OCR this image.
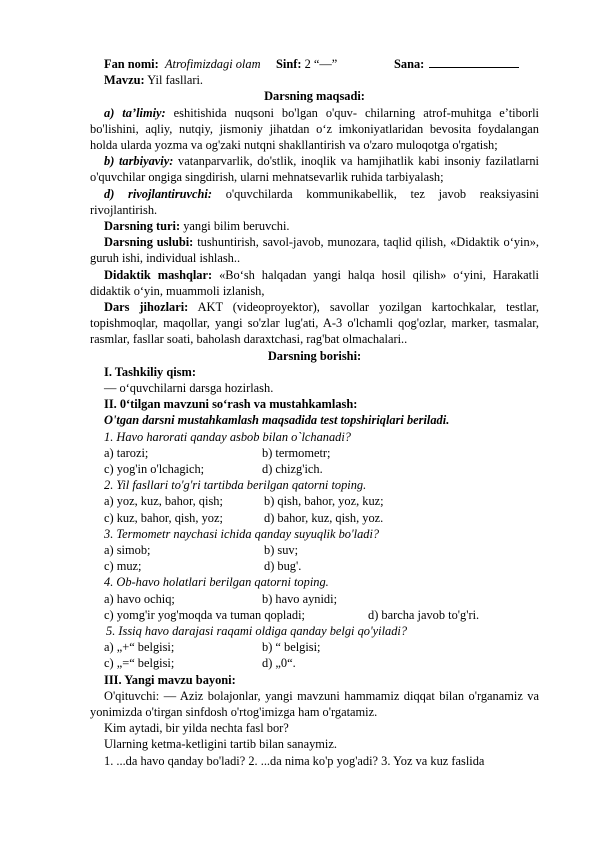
Fan nomi: Atrofimizdagi olam Sinf: 2 “—”	Sana:

Mavzu: Yil fasllari.

Darsning maqsadi:

a) ta’limiy: eshitishida nuqsoni bo'lgan o'quv- chilarning atrof-muhitga e’tiborli bo'lishini, aqliy, nutqiy, jismoniy jihatdan o‘z imkoniyatlaridan bevosita foydalangan holda ularda yozma va og'zaki nutqni shakllantirish va o'zaro muloqotga o'rgatish;

b) tarbiyaviy: vatanparvarlik, do'stlik, inoqlik va hamjihatlik kabi insoniy fazilatlarni o'quvchilar ongiga singdirish, ularni mehnatsevarlik ruhida tarbiyalash;

d) rivojlantiruvchi: o'quvchilarda kommunikabellik, tez javob reaksiyasini rivojlantirish.

Darsning turi: yangi bilim beruvchi.

Darsning uslubi: tushuntirish, savol-javob, munozara, taqlid qilish, «Didaktik o‘yin», guruh ishi, individual ishlash..

Didaktik mashqlar: «Bo‘sh halqadan yangi halqa hosil qilish» o‘yini, Harakatli didaktik o‘yin, muammoli izlanish,

Dars jihozlari: AKT (videoproyektor), savollar yozilgan kartochkalar, testlar, topishmoqlar, maqollar, yangi so'zlar lug'ati, A-3 o'lchamli qog'ozlar, marker, tasmalar, rasmlar, fasllar soati, baholash daraxtchasi, rag'bat olmachalari..

Darsning borishi:

I. Tashkiliy qism:

— o‘quvchilarni darsga hozirlash.

II. 0‘tilgan mavzuni so‘rash va mustahkamlash:

O'tgan darsni mustahkamlash maqsadida test topshiriqlari beriladi.

1. Havo harorati qanday asbob bilan o`lchanadi?

a) tarozi;	b) termometr;
c) yog'in o'lchagich;	d) chizg'ich.

2. Yil fasllari to'g'ri tartibda berilgan qatorni toping.

a) yoz, kuz, bahor, qish;	b) qish, bahor, yoz, kuz;
c) kuz, bahor, qish, yoz;	d) bahor, kuz, qish, yoz.

3. Termometr naychasi ichida qanday suyuqlik bo'ladi?

a) simob;	b) suv;
c) muz;	d) bug'.

4. Ob-havo holatlari berilgan qatorni toping.

a) havo ochiq;	b) havo aynidi;
c) yomg'ir yog'moqda va tuman qopladi;	d) barcha javob to'g'ri.

5. Issiq havo darajasi raqami oldiga qanday belgi qo'yiladi?

a) „+“ belgisi;	b) “ belgisi;
c) „=“ belgisi;	d) „0“.

III. Yangi mavzu bayoni:

O'qituvchi: — Aziz bolajonlar, yangi mavzuni hammamiz diqqat bilan o'rganamiz va yonimizda o'tirgan sinfdosh o'rtog'imizga ham o'rgatamiz.

Kim aytadi, bir yilda nechta fasl bor?

Ularning ketma-ketligini tartib bilan sanaymiz.

1. ...da havo qanday bo'ladi? 2. ...da nima ko'p yog'adi? 3. Yoz va kuz faslida
